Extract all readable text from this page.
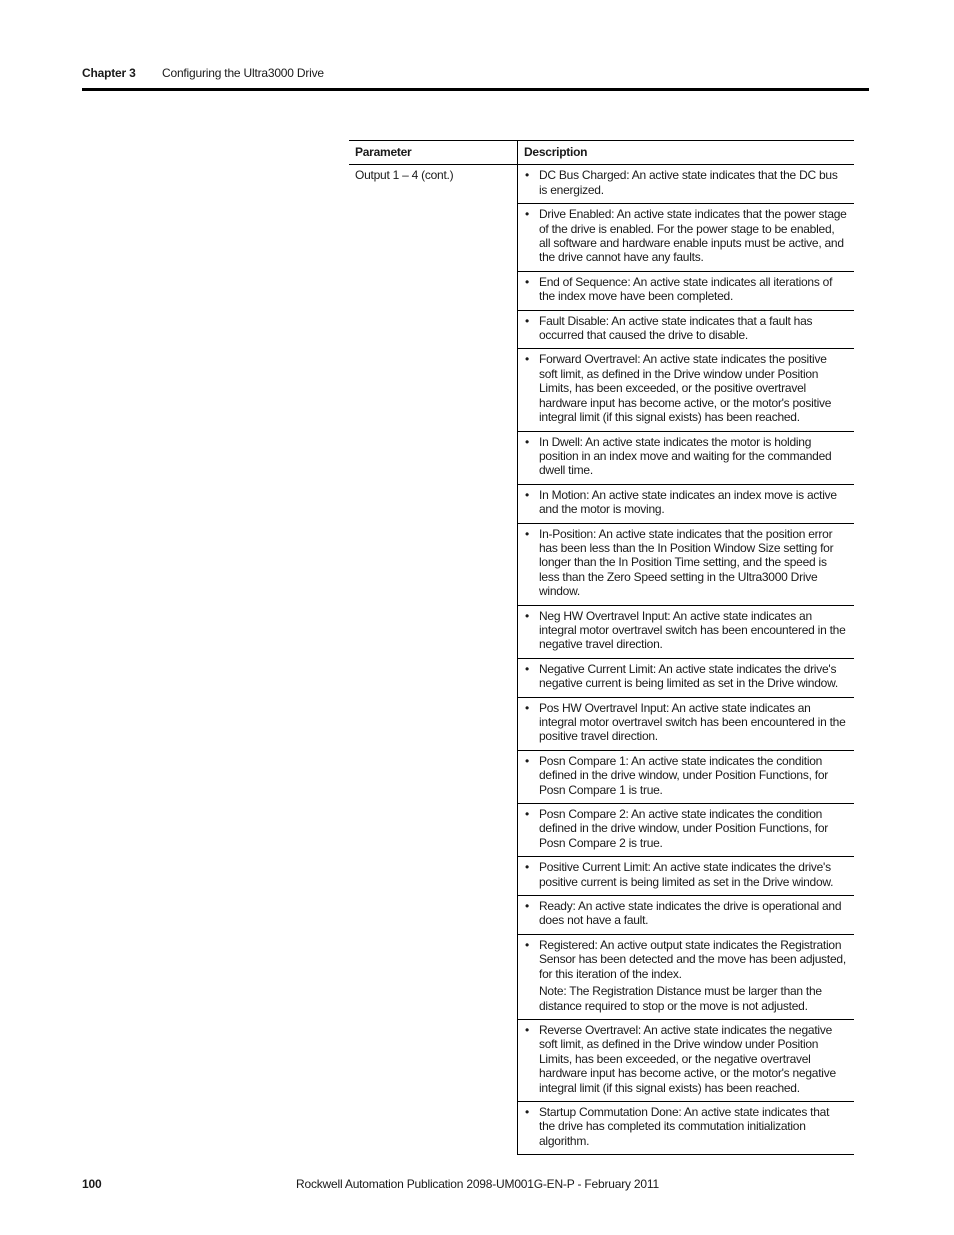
Chapter 3 Configuring the Ultra3000 Drive
Parameter	Description
Output 1 – 4 (cont.)	• DC Bus Charged: An active state indicates that the DC bus is energized.

	• Drive Enabled: An active state indicates that the power stage of the drive is enabled. For the power stage to be enabled, all software and hardware enable inputs must be active, and the drive cannot have any faults.

	• End of Sequence: An active state indicates all iterations of the index move have been completed.

	• Fault Disable: An active state indicates that a fault has occurred that caused the drive to disable.

	• Forward Overtravel: An active state indicates the positive soft limit, as defined in the Drive window under Position Limits, has been exceeded, or the positive overtravel hardware input has become active, or the motor's positive integral limit (if this signal exists) has been reached.

	• In Dwell: An active state indicates the motor is holding position in an index move and waiting for the commanded dwell time.

	• In Motion: An active state indicates an index move is active and the motor is moving.

	• In-Position: An active state indicates that the position error has been less than the In Position Window Size setting for longer than the In Position Time setting, and the speed is less than the Zero Speed setting in the Ultra3000 Drive window.

	• Neg HW Overtravel Input: An active state indicates an integral motor overtravel switch has been encountered in the negative travel direction.

	• Negative Current Limit: An active state indicates the drive's negative current is being limited as set in the Drive window.

	• Pos HW Overtravel Input: An active state indicates an integral motor overtravel switch has been encountered in the positive travel direction.

	• Posn Compare 1: An active state indicates the condition defined in the drive window, under Position Functions, for Posn Compare 1 is true.

	• Posn Compare 2: An active state indicates the condition defined in the drive window, under Position Functions, for Posn Compare 2 is true.

	• Positive Current Limit: An active state indicates the drive's positive current is being limited as set in the Drive window.

	• Ready: An active state indicates the drive is operational and does not have a fault.

	• Registered: An active output state indicates the Registration Sensor has been detected and the move has been adjusted, for this iteration of the index.
Note: The Registration Distance must be larger than the distance required to stop or the move is not adjusted.

	• Reverse Overtravel: An active state indicates the negative soft limit, as defined in the Drive window under Position Limits, has been exceeded, or the negative overtravel hardware input has become active, or the motor's negative integral limit (if this signal exists) has been reached.

	• Startup Commutation Done: An active state indicates that the drive has completed its commutation initialization algorithm.
100	Rockwell Automation Publication 2098-UM001G-EN-P - February 2011
